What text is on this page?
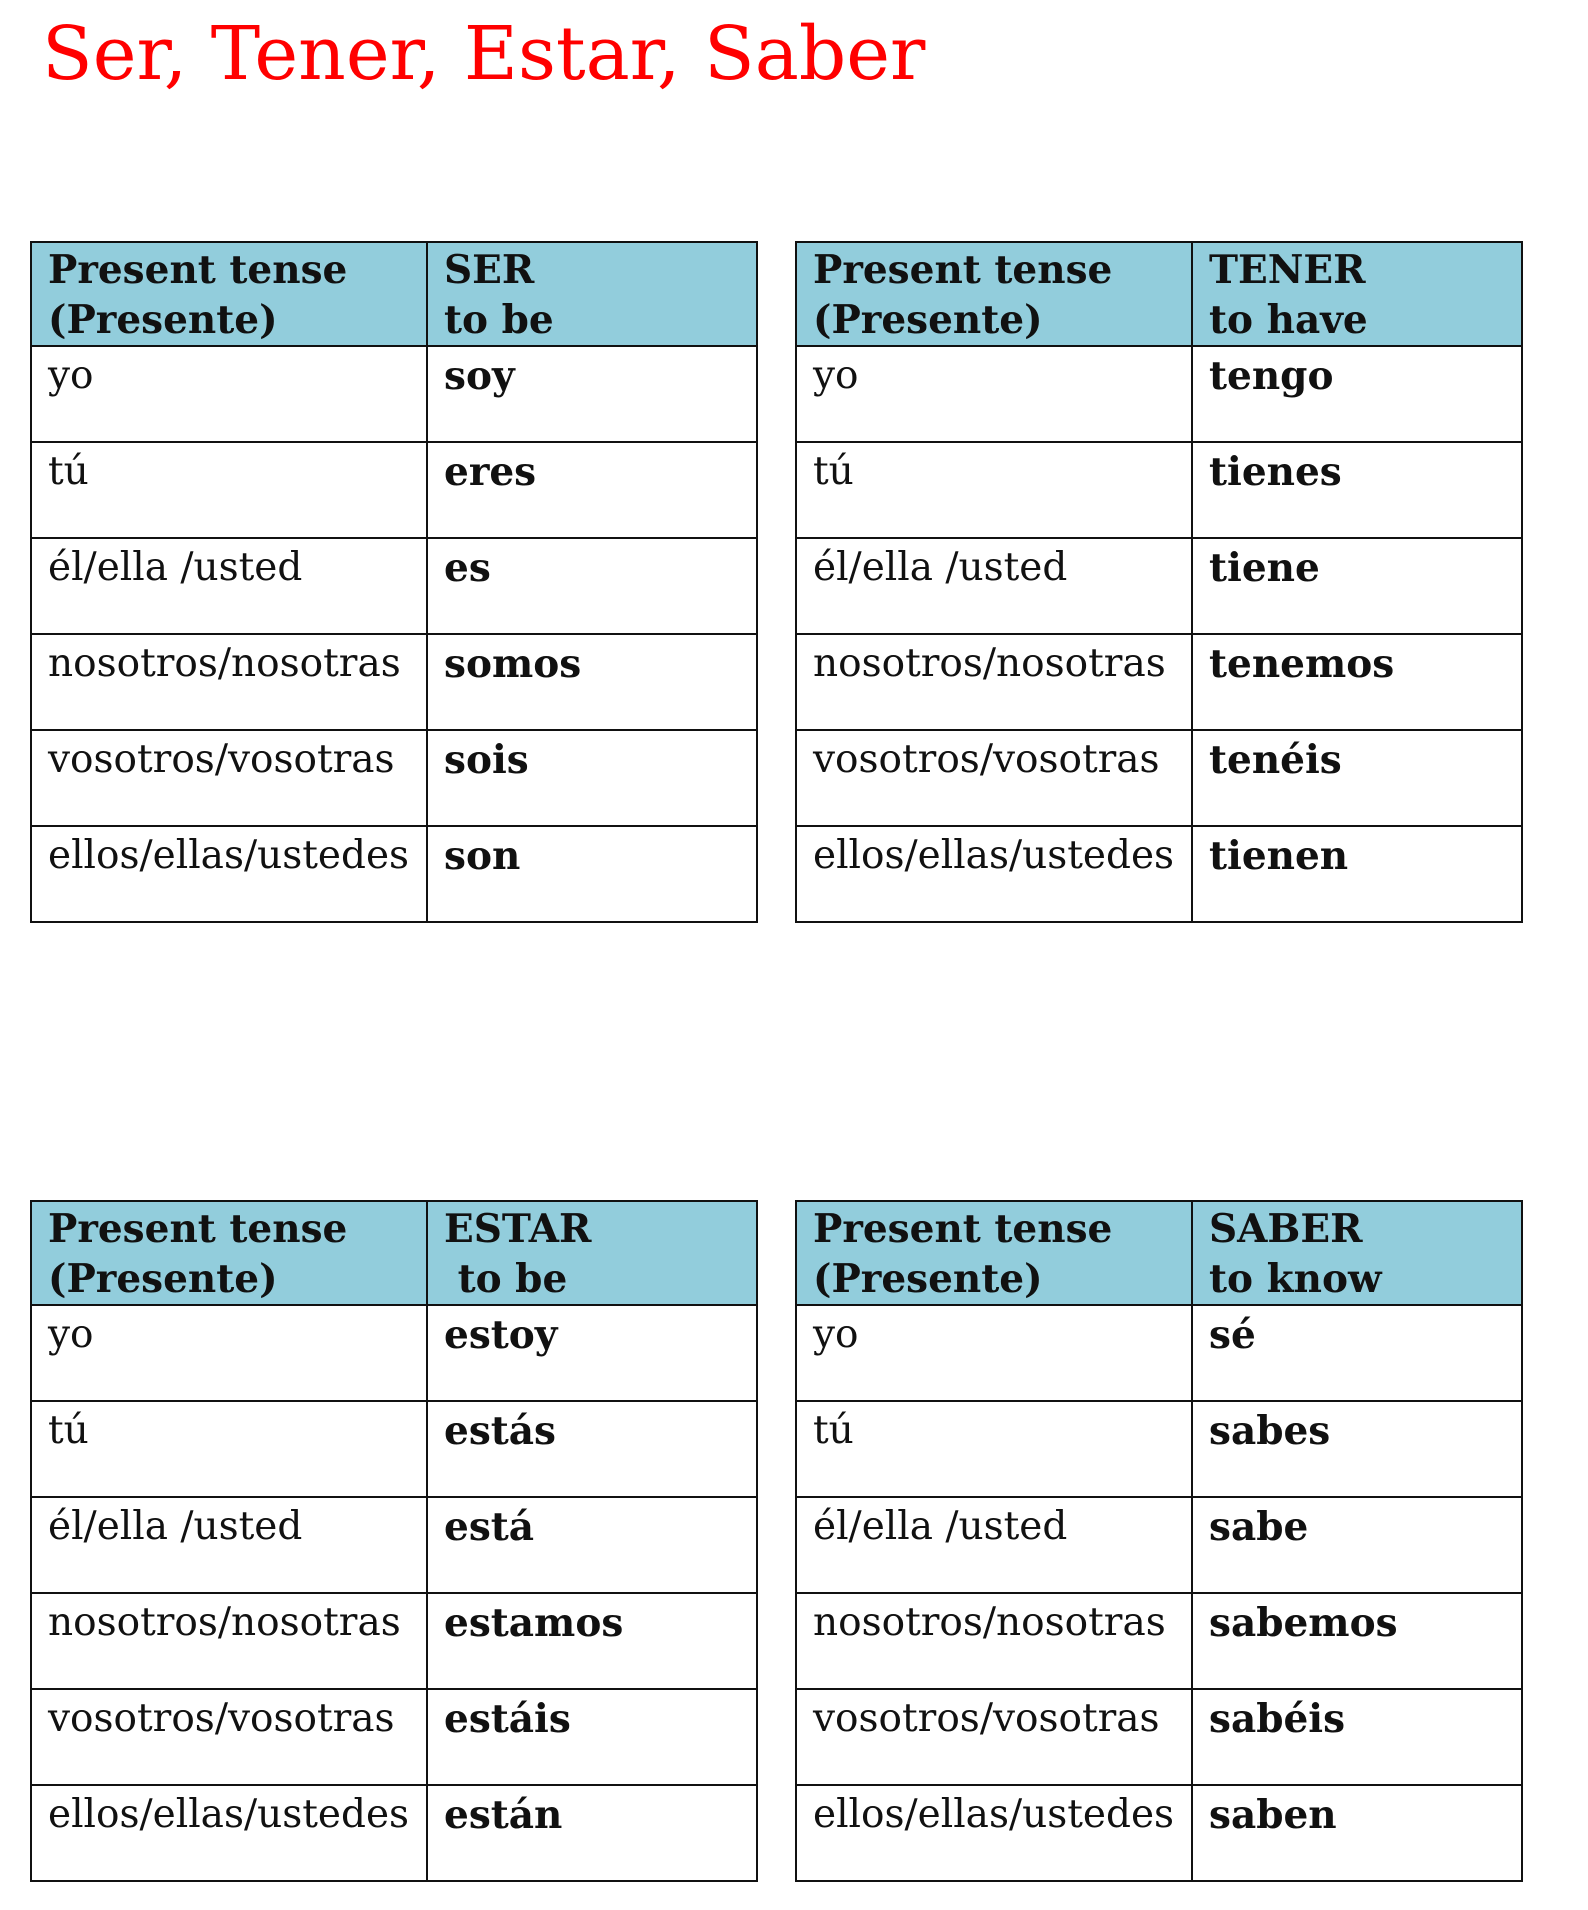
Ser, Tener, Estar, Saber
Present tense
(Presente)	SER
to be

yo	soy
tú	eres
él/ella /usted	es
nosotros/nosotras	somos
vosotros/vosotras	sois
ellos/ellas/ustedes	son
Present tense
(Presente)	TENER
to have

yo	tengo
tú	tienes
él/ella /usted	tiene
nosotros/nosotras	tenemos
vosotros/vosotras	tenéis
ellos/ellas/ustedes	tienen
Present tense
(Presente)	ESTAR
to be

yo	estoy
tú	estás
él/ella /usted	está
nosotros/nosotras	estamos
vosotros/vosotras	estáis
ellos/ellas/ustedes	están
Present tense
(Presente)	SABER
to know

yo	sé
tú	sabes
él/ella /usted	sabe
nosotros/nosotras	sabemos
vosotros/vosotras	sabéis
ellos/ellas/ustedes	saben
